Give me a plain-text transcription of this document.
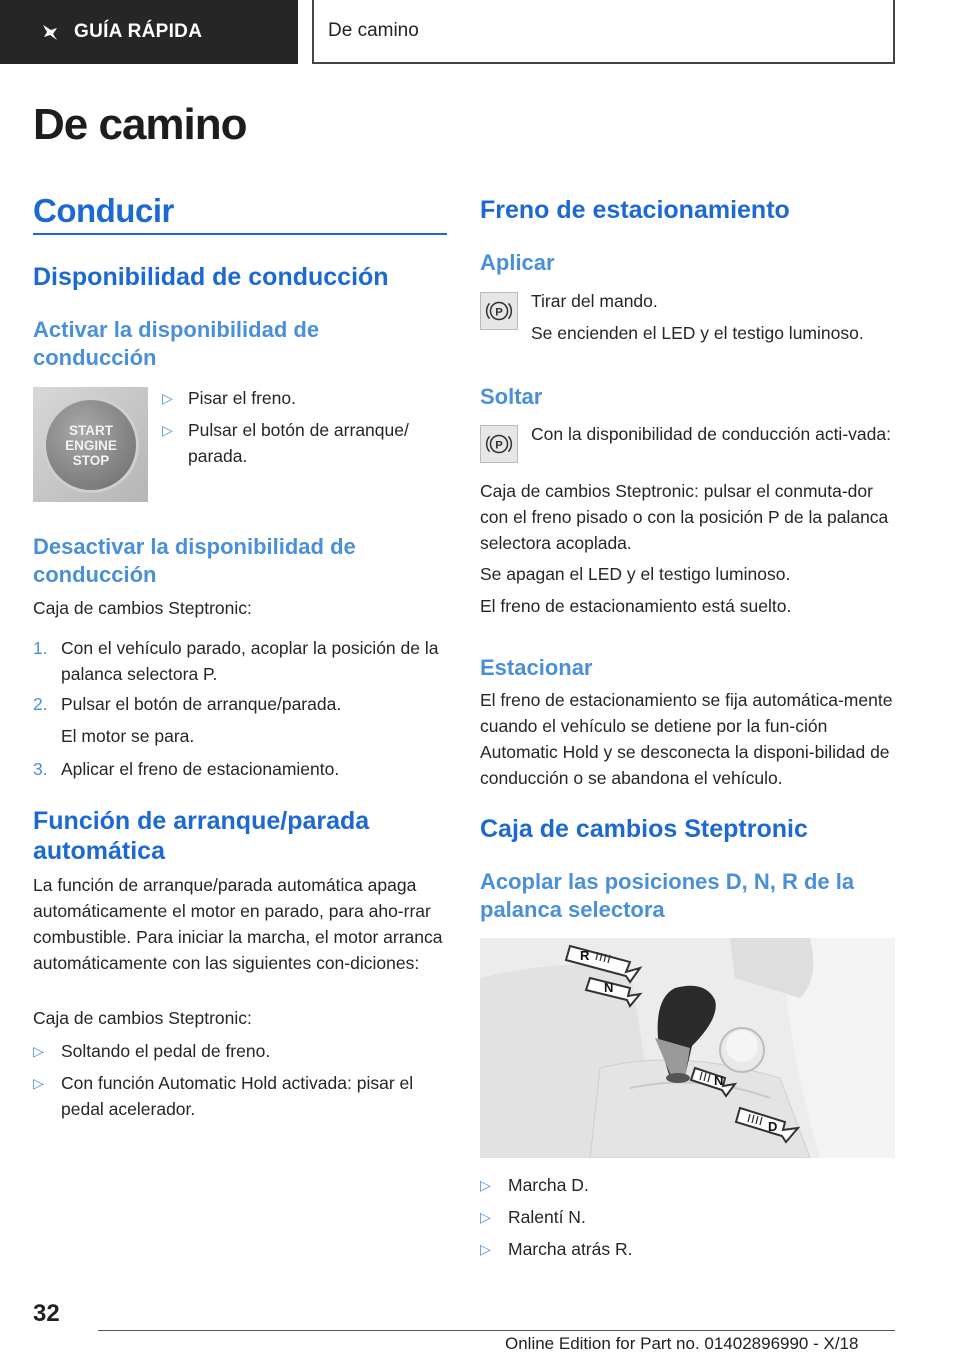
GUÍA RÁPIDA	De camino
De camino
Conducir
Disponibilidad de conducción
Activar la disponibilidad de conducción
START
ENGINE
STOP
▷ Pisar el freno.
▷ Pulsar el botón de arranque/ parada.
Desactivar la disponibilidad de conducción
Caja de cambios Steptronic:
1. Con el vehículo parado, acoplar la posición de la palanca selectora P.
2. Pulsar el botón de arranque/parada.
El motor se para.
3. Aplicar el freno de estacionamiento.
Función de arranque/parada automática
La función de arranque/parada automática apaga automáticamente el motor en parado, para aho-rrar combustible. Para iniciar la marcha, el motor arranca automáticamente con las siguientes con-diciones:
Caja de cambios Steptronic:
▷ Soltando el pedal de freno.
▷ Con función Automatic Hold activada: pisar el pedal acelerador.
Freno de estacionamiento
Aplicar
P
Tirar del mando.
Se encienden el LED y el testigo luminoso.
Soltar
P
Con la disponibilidad de conducción acti-vada:
Caja de cambios Steptronic: pulsar el conmuta-dor con el freno pisado o con la posición P de la palanca selectora acoplada.
Se apagan el LED y el testigo luminoso.
El freno de estacionamiento está suelto.
Estacionar
El freno de estacionamiento se fija automática-mente cuando el vehículo se detiene por la fun-ción Automatic Hold y se desconecta la disponi-bilidad de conducción o se abandona el vehículo.
Caja de cambios Steptronic
Acoplar las posiciones D, N, R de la palanca selectora
R
N
N
D
▷ Marcha D.
▷ Ralentí N.
▷ Marcha atrás R.
32
Online Edition for Part no. 01402896990 - X/18
